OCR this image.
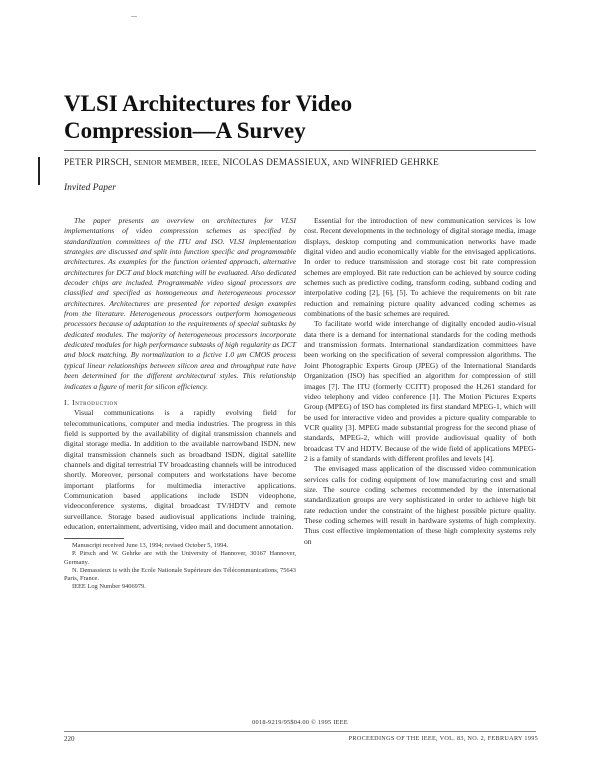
...
VLSI Architectures for Video
Compression—A Survey
PETER PIRSCH, SENIOR MEMBER, IEEE, NICOLAS DEMASSIEUX, AND WINFRIED GEHRKE
Invited Paper

The paper presents an overview on architectures for VLSI implementations of video compression schemes as specified by standardization committees of the ITU and ISO. VLSI implementation strategies are discussed and split into function specific and programmable architectures. As examples for the function oriented approach, alternative architectures for DCT and block matching will be evaluated. Also dedicated decoder chips are included. Programmable video signal processors are classified and specified as homogeneous and heterogeneous processor architectures. Architectures are presented for reported design examples from the literature. Heterogeneous processors outperform homogeneous processors because of adaptation to the requirements of special subtasks by dedicated modules. The majority of heterogeneous processors incorporate dedicated modules for high performance subtasks of high regularity as DCT and block matching. By normalization to a fictive 1.0 μm CMOS process typical linear relationships between silicon area and throughput rate have been determined for the different architectural styles. This relationship indicates a figure of merit for silicon efficiency.

I. Introduction

Visual communications is a rapidly evolving field for telecommunications, computer and media industries. The progress in this field is supported by the availability of digital transmission channels and digital storage media. In addition to the available narrowband ISDN, new digital transmission channels such as broadband ISDN, digital satellite channels and digital terrestrial TV broadcasting channels will be introduced shortly. Moreover, personal computers and workstations have become important platforms for multimedia interactive applications. Communication based applications include ISDN videophone, videoconference systems, digital broadcast TV/HDTV and remote surveillance. Storage based audiovisual applications include training, education, entertainment, advertising, video mail and document annotation.

Manuscript received June 13, 1994; revised October 5, 1994.

P. Pirsch and W. Gehrke are with the University of Hannover, 30167 Hannover, Germany.

N. Demassieux is with the Ecole Nationale Supérieure des Télécommunications, 75643 Paris, France.

IEEE Log Number 9406979.

Essential for the introduction of new communication services is low cost. Recent developments in the technology of digital storage media, image displays, desktop computing and communication networks have made digital video and audio economically viable for the envisaged applications. In order to reduce transmission and storage cost bit rate compression schemes are employed. Bit rate reduction can be achieved by source coding schemes such as predictive coding, transform coding, subband coding and interpolative coding [2], [6], [5]. To achieve the requirements on bit rate reduction and remaining picture quality advanced coding schemes as combinations of the basic schemes are required.

To facilitate world wide interchange of digitally encoded audio-visual data there is a demand for international standards for the coding methods and transmission formats. International standardization committees have been working on the specification of several compression algorithms. The Joint Photographic Experts Group (JPEG) of the International Standards Organization (ISO) has specified an algorithm for compression of still images [7]. The ITU (formerly CCITT) proposed the H.261 standard for video telephony and video conference [1]. The Motion Pictures Experts Group (MPEG) of ISO has completed its first standard MPEG-1, which will be used for interactive video and provides a picture quality comparable to VCR quality [3]. MPEG made substantial progress for the second phase of standards, MPEG-2, which will provide audiovisual quality of both broadcast TV and HDTV. Because of the wide field of applications MPEG-2 is a family of standards with different profiles and levels [4].

The envisaged mass application of the discussed video communication services calls for coding equipment of low manufacturing cost and small size. The source coding schemes recommended by the international standardization groups are very sophisticated in order to achieve high bit rate reduction under the constraint of the highest possible picture quality. These coding schemes will result in hardware systems of high complexity. Thus cost effective implementation of these high complexity systems rely on

0018-9219/95$04.00 © 1995 IEEE
220	PROCEEDINGS OF THE IEEE, VOL. 83, NO. 2, FEBRUARY 1995
